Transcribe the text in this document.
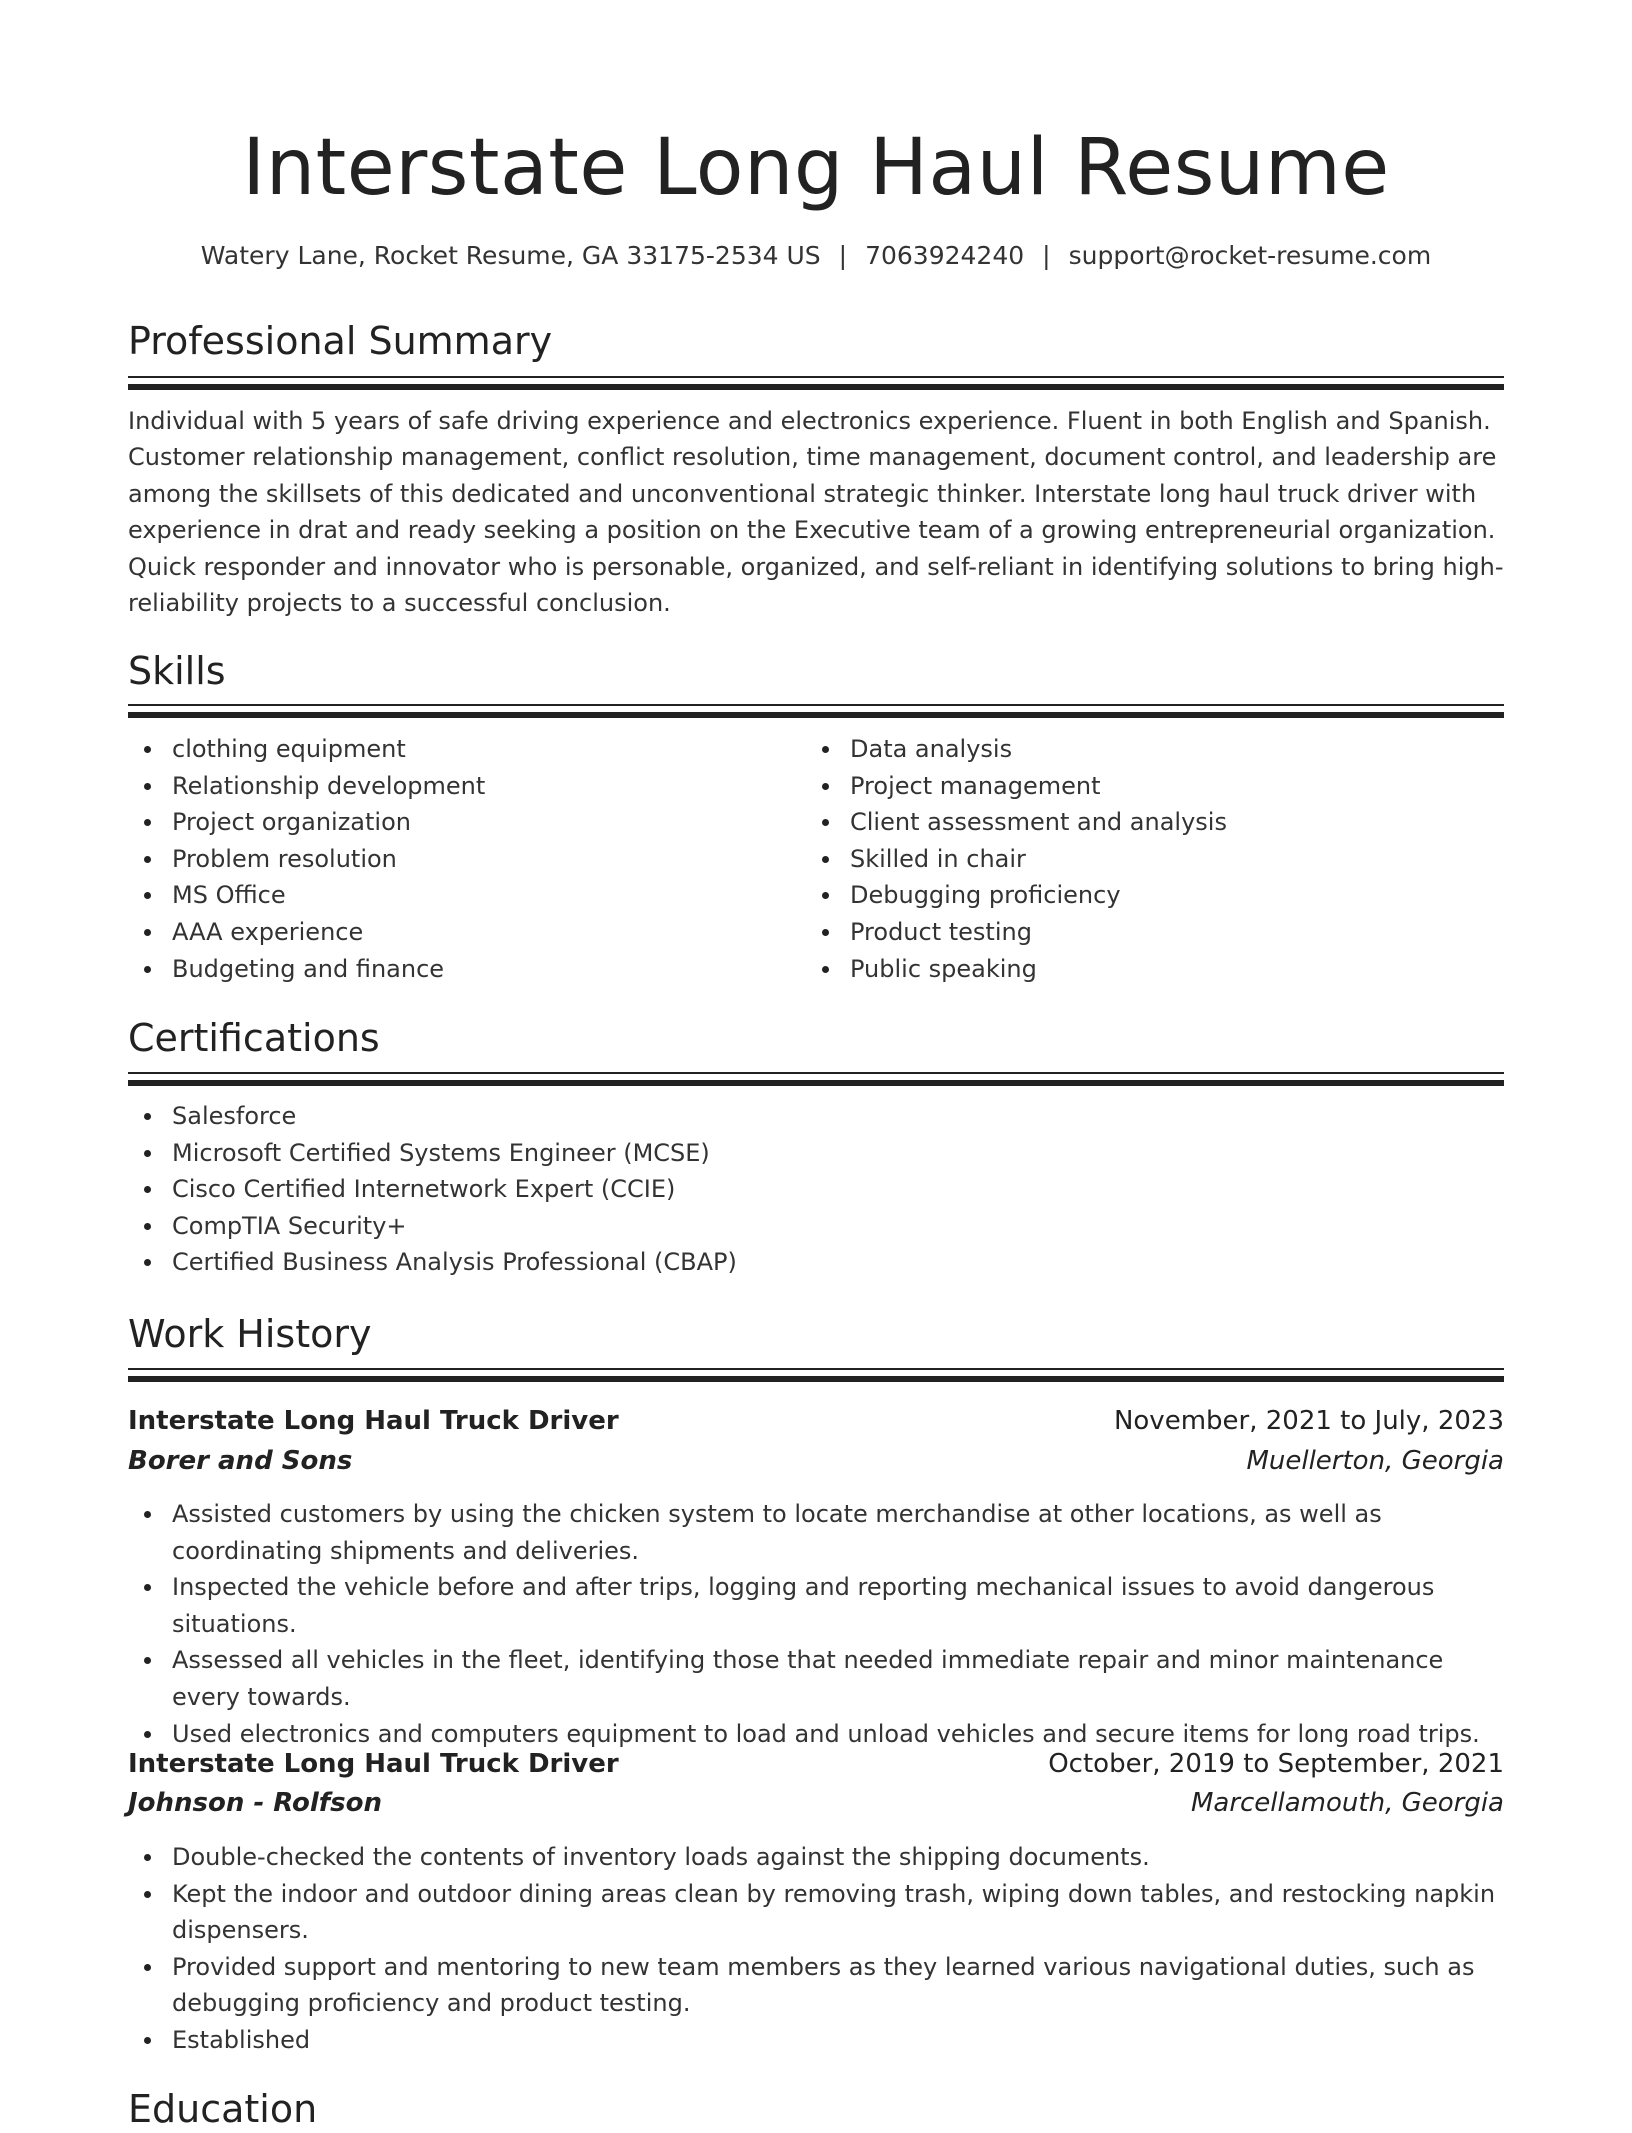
Interstate Long Haul Resume
Watery Lane, Rocket Resume, GA 33175-2534 US | 7063924240 | support@rocket-resume.com
Professional Summary

Individual with 5 years of safe driving experience and electronics experience. Fluent in both English and Spanish. Customer relationship management, conflict resolution, time management, document control, and leadership are among the skillsets of this dedicated and unconventional strategic thinker. Interstate long haul truck driver with experience in drat and ready seeking a position on the Executive team of a growing entrepreneurial organization. Quick responder and innovator who is personable, organized, and self-reliant in identifying solutions to bring high-reliability projects to a successful conclusion.

Skills
clothing equipment
Relationship development
Project organization
Problem resolution
MS Office
AAA experience
Budgeting and finance
Data analysis
Project management
Client assessment and analysis
Skilled in chair
Debugging proficiency
Product testing
Public speaking
Certifications
Salesforce
Microsoft Certified Systems Engineer (MCSE)
Cisco Certified Internetwork Expert (CCIE)
CompTIA Security+
Certified Business Analysis Professional (CBAP)
Work History
Interstate Long Haul Truck Driver	November, 2021 to July, 2023
Borer and Sons	Muellerton, Georgia
Assisted customers by using the chicken system to locate merchandise at other locations, as well as coordinating shipments and deliveries.
Inspected the vehicle before and after trips, logging and reporting mechanical issues to avoid dangerous situations.
Assessed all vehicles in the fleet, identifying those that needed immediate repair and minor maintenance every towards.
Used electronics and computers equipment to load and unload vehicles and secure items for long road trips.
Interstate Long Haul Truck Driver	October, 2019 to September, 2021
Johnson - Rolfson	Marcellamouth, Georgia
Double-checked the contents of inventory loads against the shipping documents.
Kept the indoor and outdoor dining areas clean by removing trash, wiping down tables, and restocking napkin dispensers.
Provided support and mentoring to new team members as they learned various navigational duties, such as debugging proficiency and product testing.
Established
Education
